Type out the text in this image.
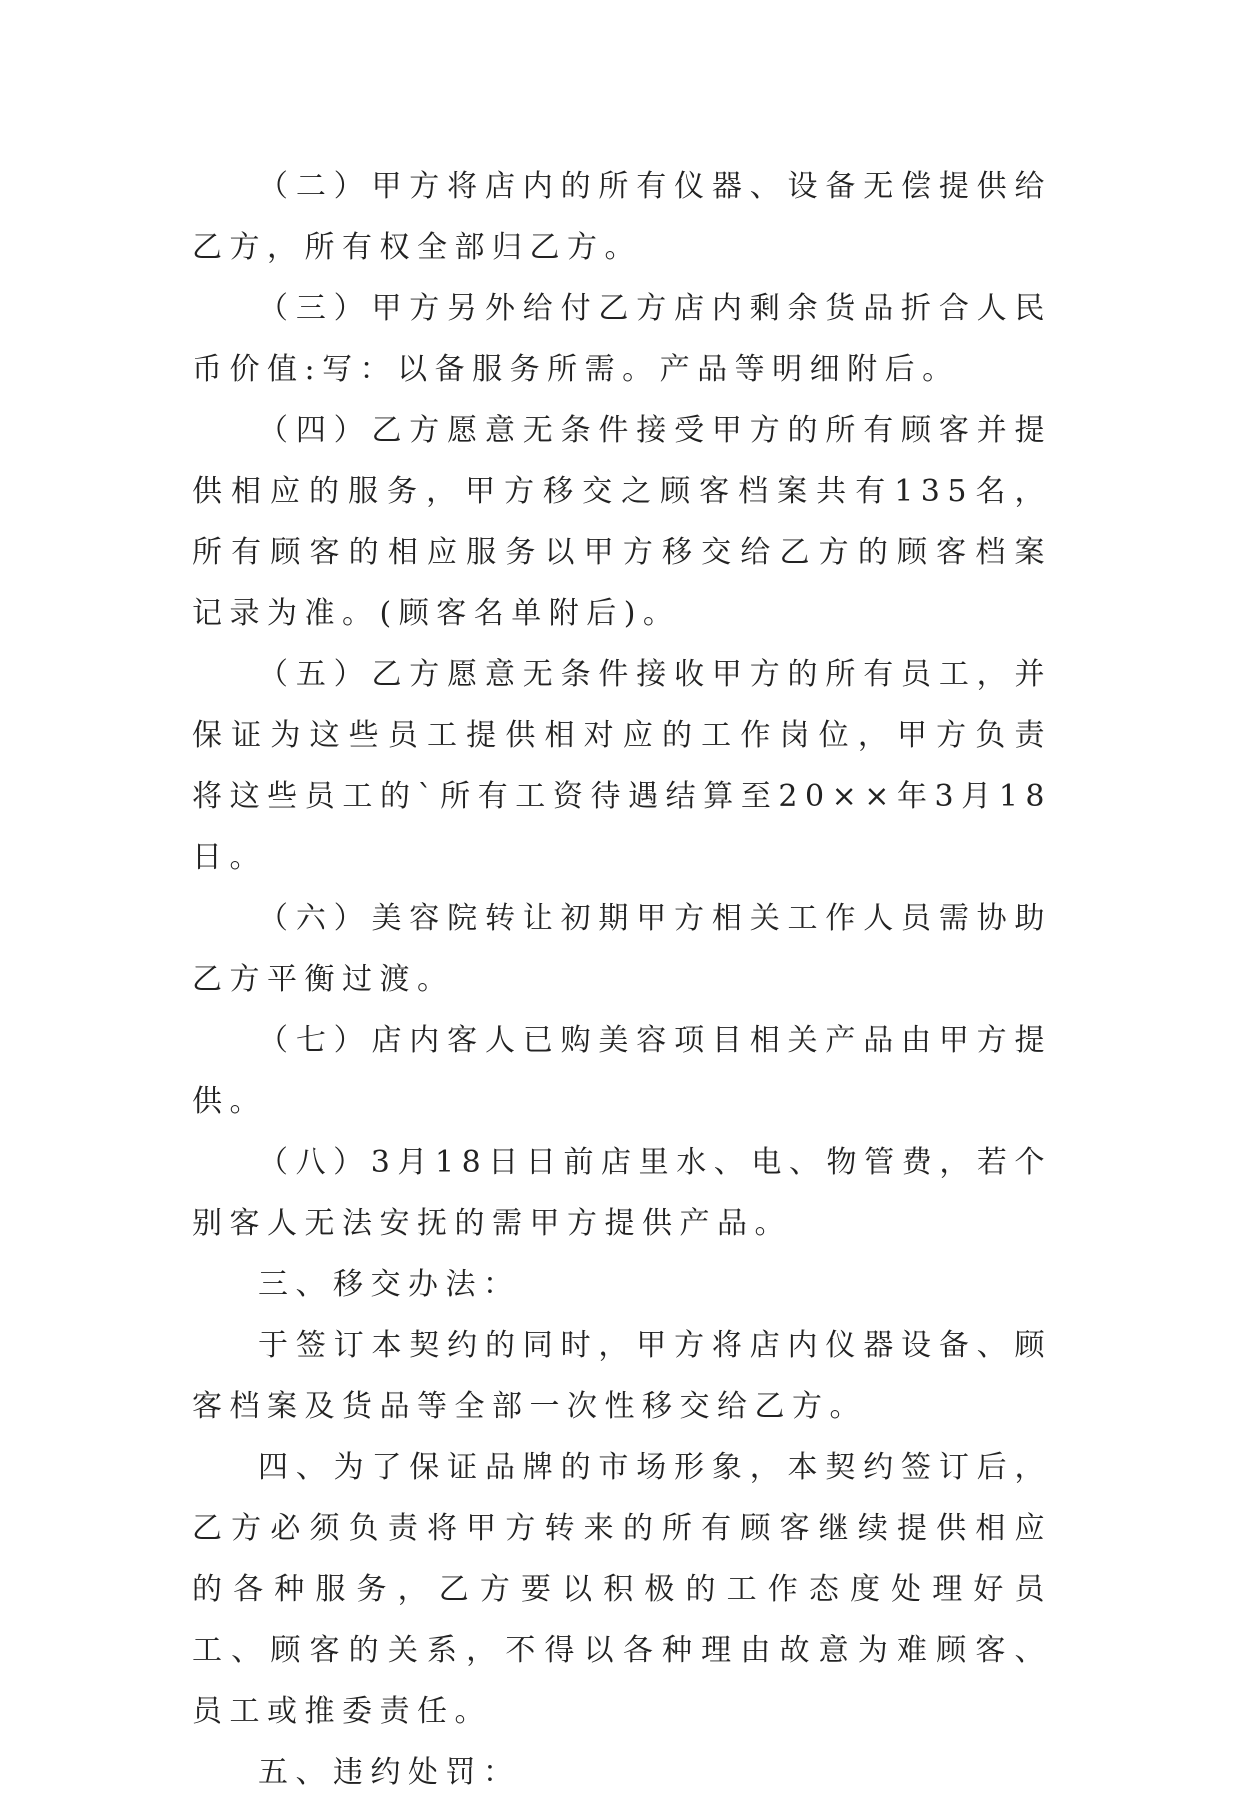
（二）甲方将店内的所有仪器、设备无偿提供给乙方，所有权全部归乙方。

（三）甲方另外给付乙方店内剩余货品折合人民币价值:写：以备服务所需。产品等明细附后。

（四）乙方愿意无条件接受甲方的所有顾客并提供相应的服务，甲方移交之顾客档案共有135名，所有顾客的相应服务以甲方移交给乙方的顾客档案记录为准。(顾客名单附后)。

（五）乙方愿意无条件接收甲方的所有员工，并保证为这些员工提供相对应的工作岗位，甲方负责将这些员工的`所有工资待遇结算至20××年3月18日。

（六）美容院转让初期甲方相关工作人员需协助乙方平衡过渡。

（七）店内客人已购美容项目相关产品由甲方提供。

（八）3月18日日前店里水、电、物管费，若个别客人无法安抚的需甲方提供产品。

三、移交办法：

于签订本契约的同时，甲方将店内仪器设备、顾客档案及货品等全部一次性移交给乙方。

四、为了保证品牌的市场形象，本契约签订后，乙方必须负责将甲方转来的所有顾客继续提供相应的各种服务，乙方要以积极的工作态度处理好员工、顾客的关系，不得以各种理由故意为难顾客、员工或推委责任。

五、违约处罚：
